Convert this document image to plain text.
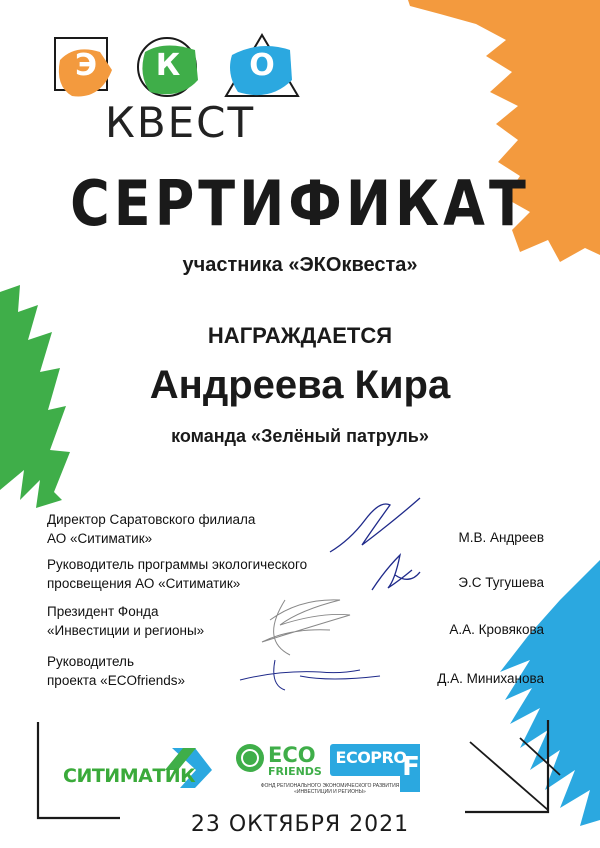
Э К О
КВЕСТ
СЕРТИФИКАТ
участника «ЭКОквеста»
НАГРАЖДАЕТСЯ
Андреева Кира
команда «Зелёный патруль»
Директор Саратовского филиала
АО «Ситиматик»	М.В. Андреев
Руководитель программы экологического
просвещения АО «Ситиматик»	Э.С Тугушева
Президент Фонда
«Инвестиции и регионы»	А.А. Кровякова
Руководитель
проекта «ECOfriends»	Д.А. Миниханова
СИТИМАТИК
ECO
FRIENDS
ФОНД РЕГИОНАЛЬНОГО ЭКОНОМИЧЕСКОГО РАЗВИТИЯ
«ИНВЕСТИЦИИ И РЕГИОНЫ»
ECOPRO
F
23 ОКТЯБРЯ 2021
